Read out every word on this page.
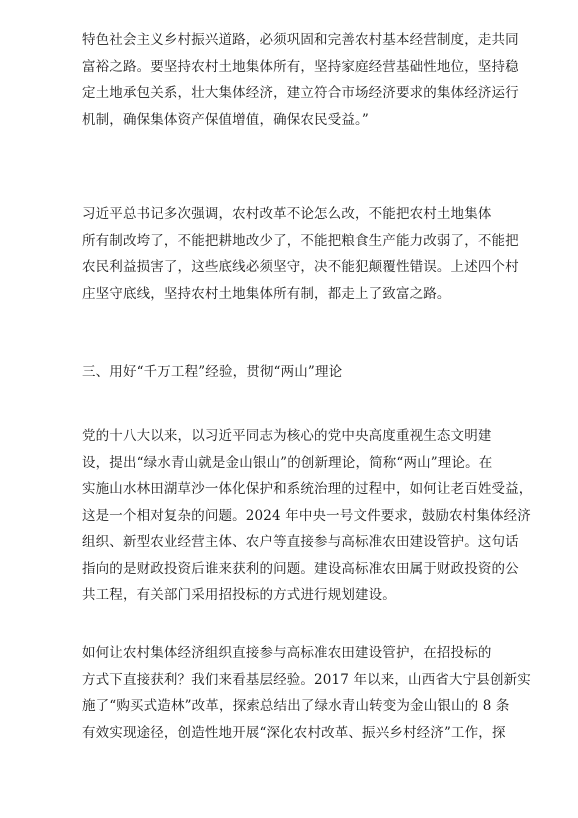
特色社会主义乡村振兴道路，必须巩固和完善农村基本经营制度，走共同
富裕之路。要坚持农村土地集体所有，坚持家庭经营基础性地位，坚持稳
定土地承包关系，壮大集体经济，建立符合市场经济要求的集体经济运行
机制，确保集体资产保值增值，确保农民受益。”
习近平总书记多次强调，农村改革不论怎么改，不能把农村土地集体
所有制改垮了，不能把耕地改少了，不能把粮食生产能力改弱了，不能把
农民利益损害了，这些底线必须坚守，决不能犯颠覆性错误。上述四个村
庄坚守底线，坚持农村土地集体所有制，都走上了致富之路。
三、用好“千万工程”经验，贯彻“两山”理论
党的十八大以来，以习近平同志为核心的党中央高度重视生态文明建
设，提出“绿水青山就是金山银山”的创新理论，简称“两山”理论。在
实施山水林田湖草沙一体化保护和系统治理的过程中，如何让老百姓受益，
这是一个相对复杂的问题。2024 年中央一号文件要求，鼓励农村集体经济
组织、新型农业经营主体、农户等直接参与高标准农田建设管护。这句话
指向的是财政投资后谁来获利的问题。建设高标准农田属于财政投资的公
共工程，有关部门采用招投标的方式进行规划建设。
如何让农村集体经济组织直接参与高标准农田建设管护，在招投标的
方式下直接获利？我们来看基层经验。2017 年以来，山西省大宁县创新实
施了“购买式造林”改革，探索总结出了绿水青山转变为金山银山的 8 条
有效实现途径，创造性地开展“深化农村改革、振兴乡村经济”工作，探
